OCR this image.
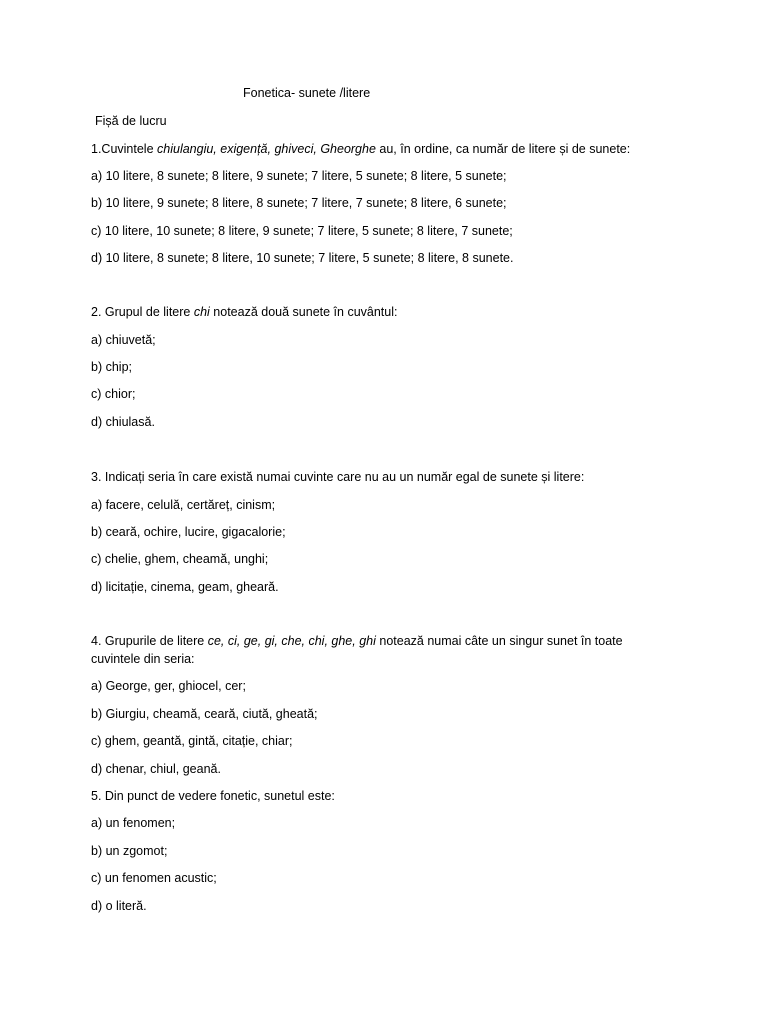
Fonetica- sunete /litere
Fișă de lucru
1.Cuvintele chiulangiu, exigență, ghiveci, Gheorghe au, în ordine, ca număr de litere și de sunete:
a) 10 litere, 8 sunete; 8 litere, 9 sunete; 7 litere, 5 sunete; 8 litere, 5 sunete;
b) 10 litere, 9 sunete; 8 litere, 8 sunete; 7 litere, 7 sunete; 8 litere, 6 sunete;
c) 10 litere, 10 sunete; 8 litere, 9 sunete; 7 litere, 5 sunete; 8 litere, 7 sunete;
d) 10 litere, 8 sunete; 8 litere, 10 sunete; 7 litere, 5 sunete; 8 litere, 8 sunete.
2. Grupul de litere chi notează două sunete în cuvântul:
a) chiuvetă;
b) chip;
c) chior;
d) chiulasă.
3. Indicați seria în care există numai cuvinte care nu au un număr egal de sunete și litere:
a) facere, celulă, certăreț, cinism;
b) ceară, ochire, lucire, gigacalorie;
c) chelie, ghem, cheamă, unghi;
d) licitație, cinema, geam, gheară.
4. Grupurile de litere ce, ci, ge, gi, che, chi, ghe, ghi notează numai câte un singur sunet în toate
cuvintele din seria:
a) George, ger, ghiocel, cer;
b) Giurgiu, cheamă, ceară, ciută, gheată;
c) ghem, geantă, gintă, citație, chiar;
d) chenar, chiul, geană.
5. Din punct de vedere fonetic, sunetul este:
a) un fenomen;
b) un zgomot;
c) un fenomen acustic;
d) o literă.
